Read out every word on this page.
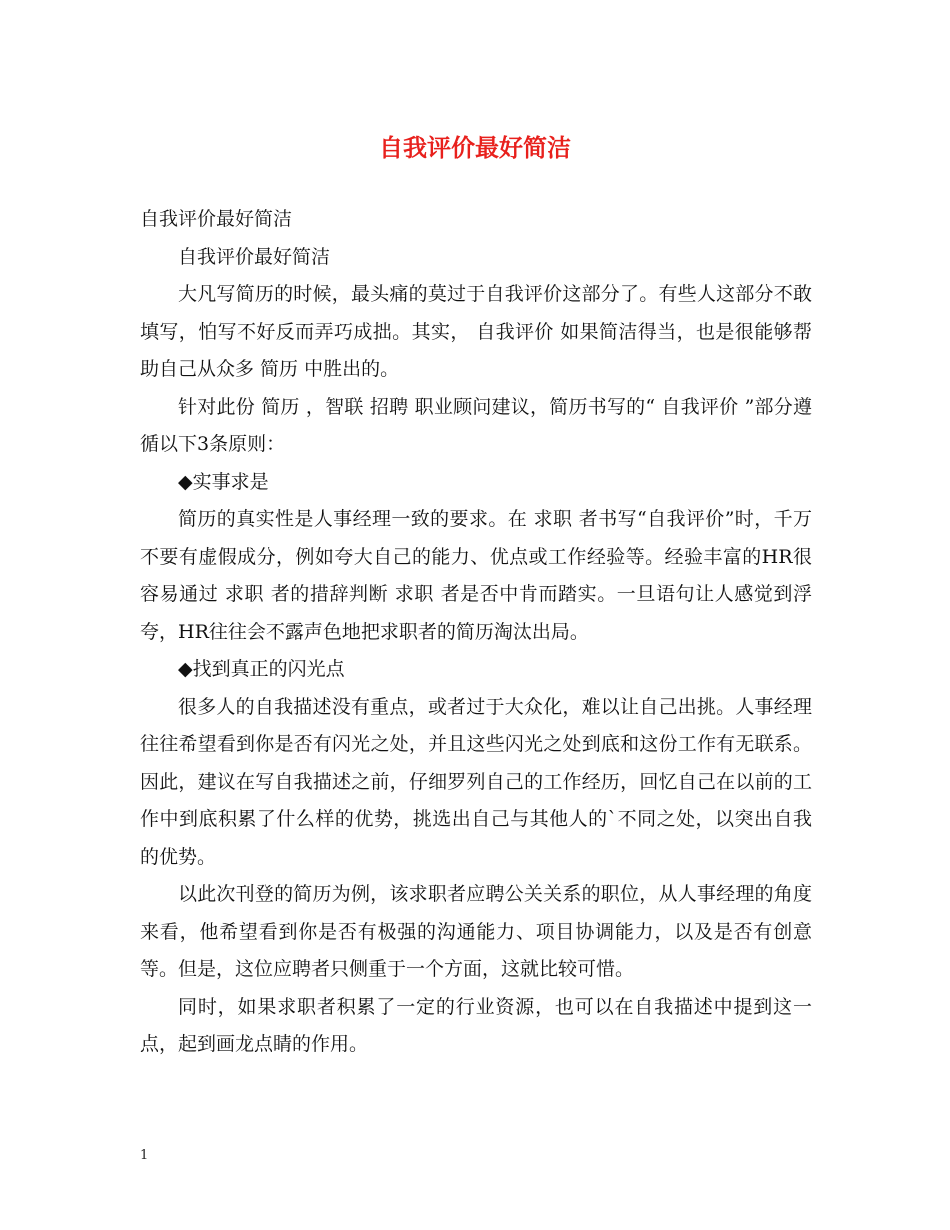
自我评价最好简洁

自我评价最好简洁

自我评价最好简洁

大凡写简历的时候，最头痛的莫过于自我评价这部分了。有些人这部分不敢填写，怕写不好反而弄巧成拙。其实， 自我评价 如果简洁得当，也是很能够帮助自己从众多 简历 中胜出的。

针对此份 简历 ，智联 招聘 职业顾问建议，简历书写的“ 自我评价 ”部分遵循以下3条原则：

◆实事求是

简历的真实性是人事经理一致的要求。在 求职 者书写“自我评价”时，千万不要有虚假成分，例如夸大自己的能力、优点或工作经验等。经验丰富的HR很容易通过 求职 者的措辞判断 求职 者是否中肯而踏实。一旦语句让人感觉到浮夸，HR往往会不露声色地把求职者的简历淘汰出局。

◆找到真正的闪光点

很多人的自我描述没有重点，或者过于大众化，难以让自己出挑。人事经理往往希望看到你是否有闪光之处，并且这些闪光之处到底和这份工作有无联系。因此，建议在写自我描述之前，仔细罗列自己的工作经历，回忆自己在以前的工作中到底积累了什么样的优势，挑选出自己与其他人的`不同之处，以突出自我的优势。

以此次刊登的简历为例，该求职者应聘公关关系的职位，从人事经理的角度来看，他希望看到你是否有极强的沟通能力、项目协调能力，以及是否有创意等。但是，这位应聘者只侧重于一个方面，这就比较可惜。

同时，如果求职者积累了一定的行业资源，也可以在自我描述中提到这一点，起到画龙点睛的作用。

1
